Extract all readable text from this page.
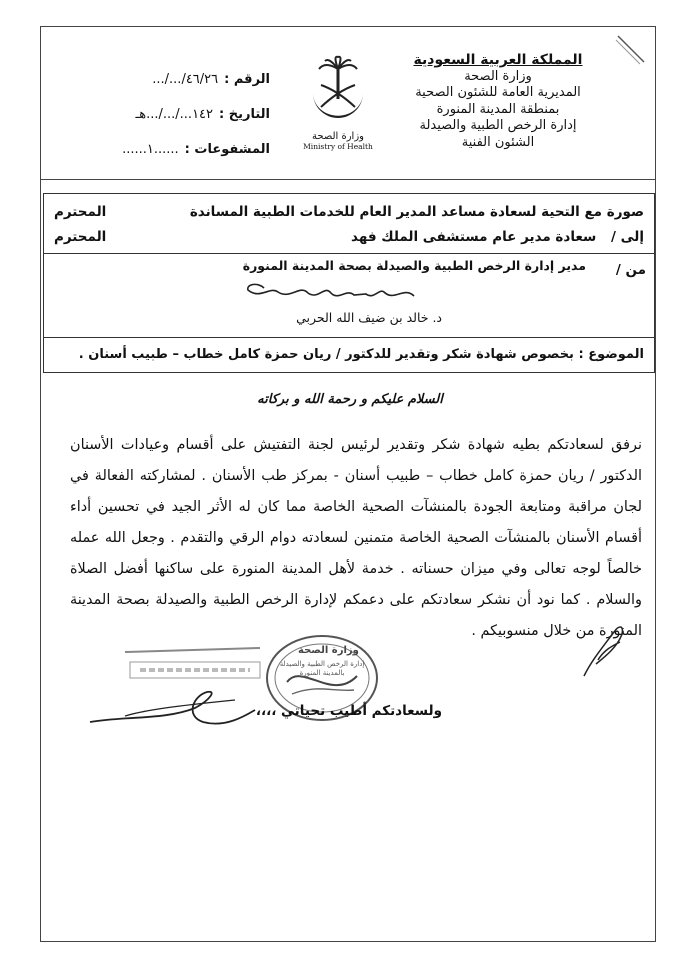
المملكة العربية السعودية
وزارة الصحة
المديرية العامة للشئون الصحية
بمنطقة المدينة المنورة
إدارة الرخص الطبية والصيدلة
الشئون الفنية
وزارة الصحة
Ministry of Health
الرقم :
٤٦/٢٦/.../...
التاريخ :
١٤٢.../.../...هـ
المشفوعات :
......١......
صورة مع التحية لسعادة مساعد المدير العام للخدمات الطبية المساندة
المحترم
إلى / سعادة مدير عام مستشفى الملك فهد
المحترم
من /
مدير إدارة الرخص الطبية والصيدلة بصحة المدينة المنورة
د. خالد بن ضيف الله الحربي
الموضوع : بخصوص شهادة شكر وتقدير للدكتور / ريان حمزة كامل خطاب – طبيب أسنان .
السلام عليكم و رحمة الله و بركاته
نرفق لسعادتكم بطيه شهادة شكر وتقدير لرئيس لجنة التفتيش على أقسام وعيادات الأسنان الدكتور / ريان حمزة كامل خطاب – طبيب أسنان - بمركز طب الأسنان . لمشاركته الفعالة في لجان مراقبة ومتابعة الجودة بالمنشآت الصحية الخاصة مما كان له الأثر الجيد في تحسين أداء أقسام الأسنان بالمنشآت الصحية الخاصة متمنين لسعادته دوام الرقي والتقدم . وجعل الله عمله خالصاً لوجه تعالى وفي ميزان حسناته . خدمة لأهل المدينة المنورة على ساكنها أفضل الصلاة والسلام . كما نود أن نشكر سعادتكم على دعمكم لإدارة الرخص الطبية والصيدلة بصحة المدينة المنورة من خلال منسوبيكم .
وزارة الصحة
إدارة الرخص الطبية والصيدلة بالمدينة المنورة
ولسعادتكم أطيب تحياتي ،،،،
